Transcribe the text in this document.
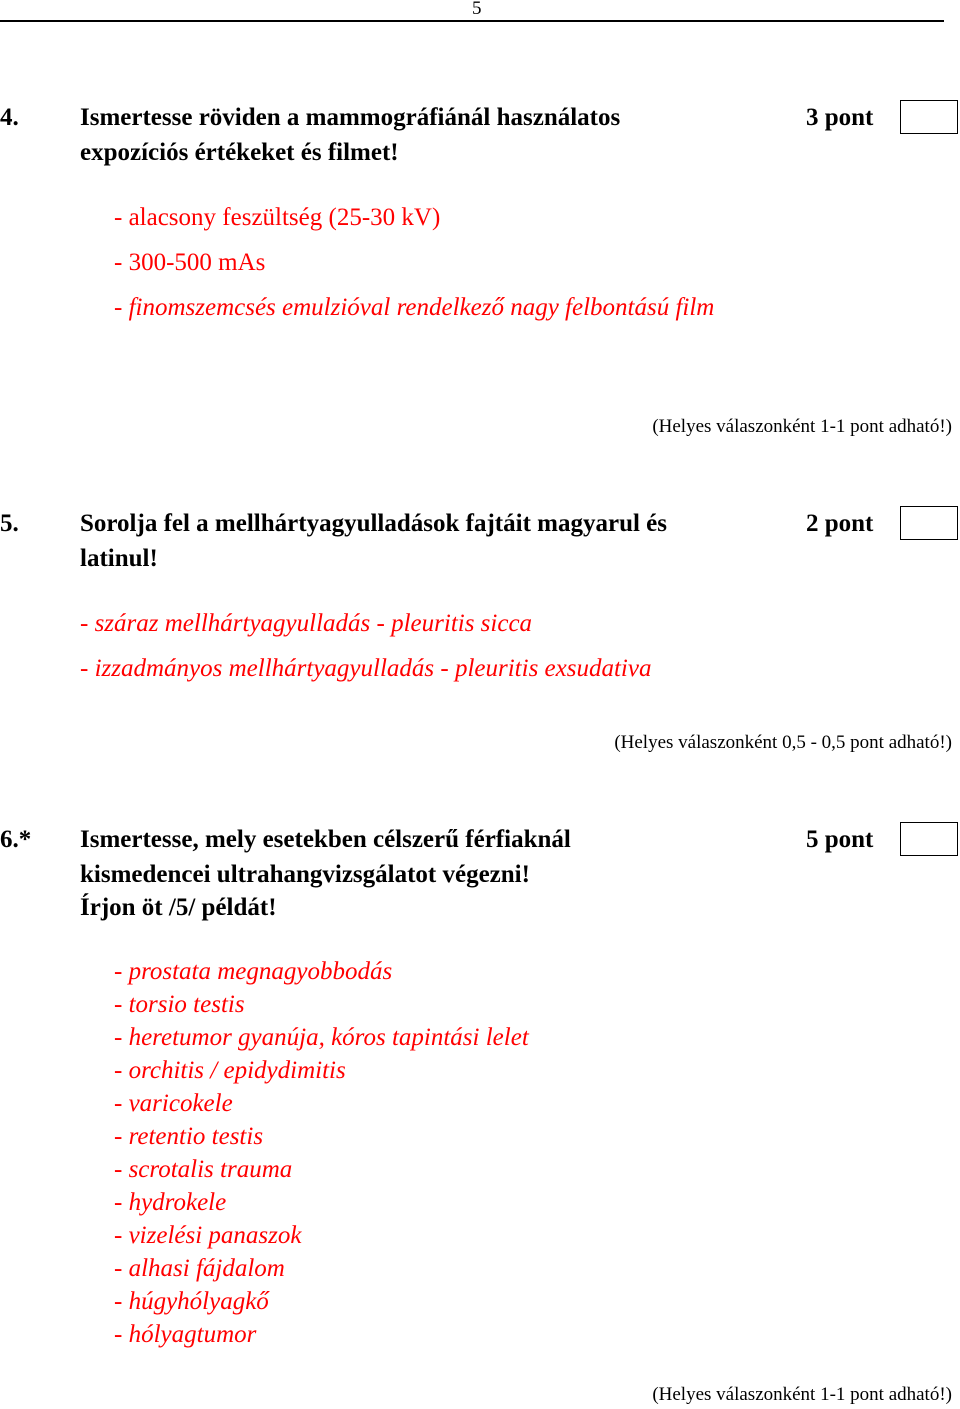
5
4. Ismertesse röviden a mammográfiánál használatos
expozíciós értékeket és filmet!
3 pont
- alacsony feszültség (25-30 kV)
- 300-500 mAs
- finomszemcsés emulzióval rendelkező nagy felbontású film
(Helyes válaszonként 1-1 pont adható!)
5. Sorolja fel a mellhártyagyulladások fajtáit magyarul és
latinul!
2 pont
- száraz mellhártyagyulladás - pleuritis sicca
- izzadmányos mellhártyagyulladás - pleuritis exsudativa
(Helyes válaszonként 0,5 - 0,5 pont adható!)
6.* Ismertesse, mely esetekben célszerű férfiaknál
kismedencei ultrahangvizsgálatot végezni!
Írjon öt /5/ példát!
5 pont
- prostata megnagyobbodás
- torsio testis
- heretumor gyanúja, kóros tapintási lelet
- orchitis / epidydimitis
- varicokele
- retentio testis
- scrotalis trauma
- hydrokele
- vizelési panaszok
- alhasi fájdalom
- húgyhólyagkő
- hólyagtumor
(Helyes válaszonként 1-1 pont adható!)
